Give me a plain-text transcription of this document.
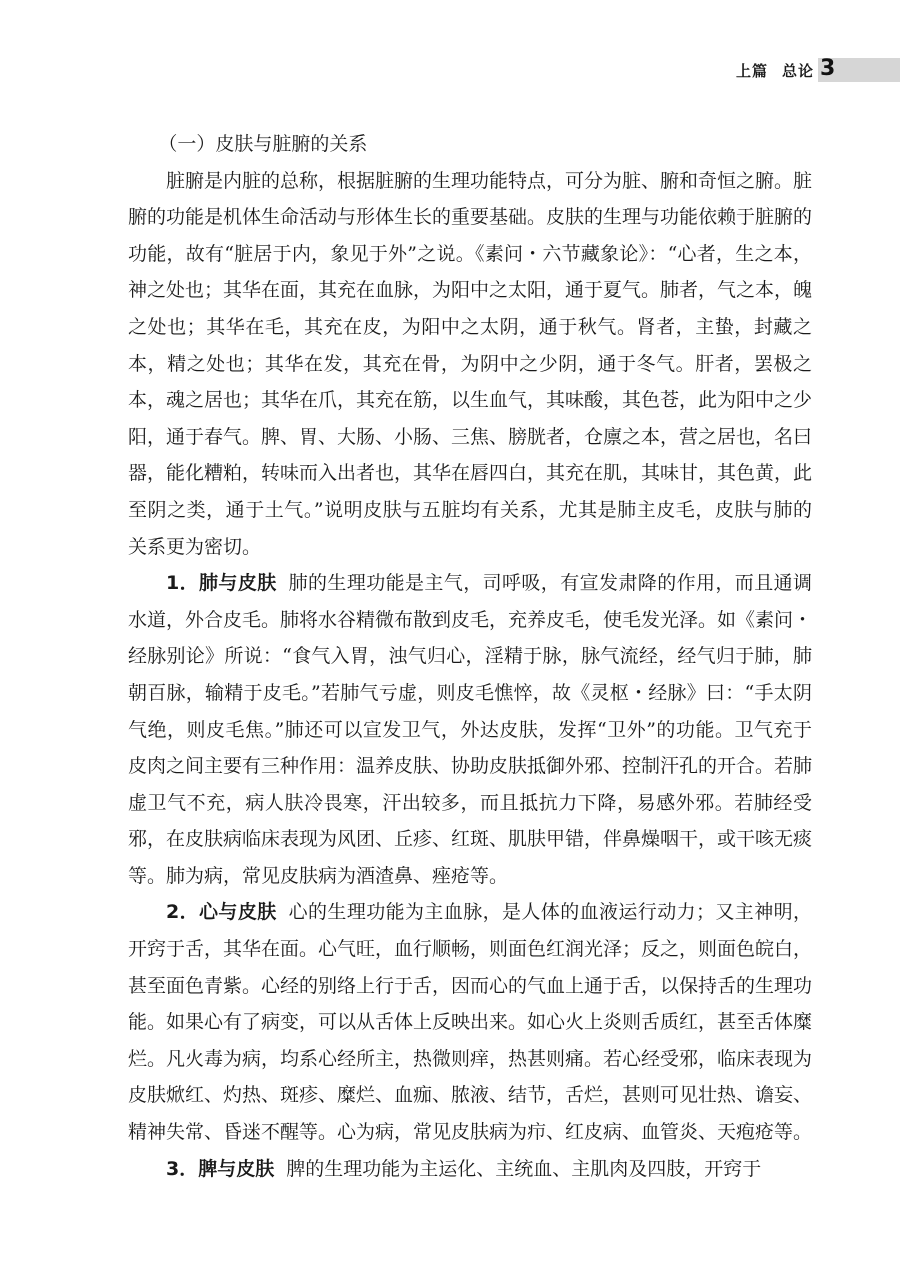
上篇 总论 3

（一）皮肤与脏腑的关系

脏腑是内脏的总称，根据脏腑的生理功能特点，可分为脏、腑和奇恒之腑。脏腑的功能是机体生命活动与形体生长的重要基础。皮肤的生理与功能依赖于脏腑的功能，故有“脏居于内，象见于外”之说。《素问・六节藏象论》：“心者，生之本，神之处也；其华在面，其充在血脉，为阳中之太阳，通于夏气。肺者，气之本，魄之处也；其华在毛，其充在皮，为阳中之太阴，通于秋气。肾者，主蛰，封藏之本，精之处也；其华在发，其充在骨，为阴中之少阴，通于冬气。肝者，罢极之本，魂之居也；其华在爪，其充在筋，以生血气，其味酸，其色苍，此为阳中之少阳，通于春气。脾、胃、大肠、小肠、三焦、膀胱者，仓廪之本，营之居也，名曰器，能化糟粕，转味而入出者也，其华在唇四白，其充在肌，其味甘，其色黄，此至阴之类，通于土气。”说明皮肤与五脏均有关系，尤其是肺主皮毛，皮肤与肺的关系更为密切。

1．肺与皮肤 肺的生理功能是主气，司呼吸，有宣发肃降的作用，而且通调水道，外合皮毛。肺将水谷精微布散到皮毛，充养皮毛，使毛发光泽。如《素问・经脉别论》所说：“食气入胃，浊气归心，淫精于脉，脉气流经，经气归于肺，肺朝百脉，输精于皮毛。”若肺气亏虚，则皮毛憔悴，故《灵枢・经脉》曰：“手太阴气绝，则皮毛焦。”肺还可以宣发卫气，外达皮肤，发挥“卫外”的功能。卫气充于皮肉之间主要有三种作用：温养皮肤、协助皮肤抵御外邪、控制汗孔的开合。若肺虚卫气不充，病人肤冷畏寒，汗出较多，而且抵抗力下降，易感外邪。若肺经受邪，在皮肤病临床表现为风团、丘疹、红斑、肌肤甲错，伴鼻燥咽干，或干咳无痰等。肺为病，常见皮肤病为酒渣鼻、痤疮等。

2．心与皮肤 心的生理功能为主血脉，是人体的血液运行动力；又主神明，开窍于舌，其华在面。心气旺，血行顺畅，则面色红润光泽；反之，则面色皖白，甚至面色青紫。心经的别络上行于舌，因而心的气血上通于舌，以保持舌的生理功能。如果心有了病变，可以从舌体上反映出来。如心火上炎则舌质红，甚至舌体糜烂。凡火毒为病，均系心经所主，热微则痒，热甚则痛。若心经受邪，临床表现为皮肤焮红、灼热、斑疹、糜烂、血痂、脓液、结节，舌烂，甚则可见壮热、谵妄、精神失常、昏迷不醒等。心为病，常见皮肤病为疖、红皮病、血管炎、天疱疮等。

3．脾与皮肤 脾的生理功能为主运化、主统血、主肌肉及四肢，开窍于
